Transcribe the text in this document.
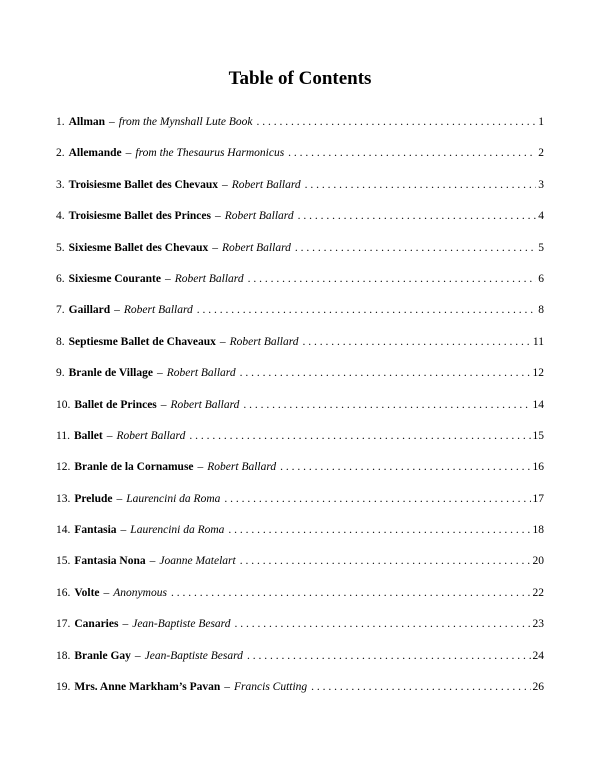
Table of Contents
1. Allman – from the Mynshall Lute Book . . .	1
2. Allemande – from the Thesaurus Harmonicus . . .	2
3. Troisiesme Ballet des Chevaux – Robert Ballard . . .	3
4. Troisiesme Ballet des Princes – Robert Ballard . . .	4
5. Sixiesme Ballet des Chevaux – Robert Ballard . . .	5
6. Sixiesme Courante – Robert Ballard . . .	6
7. Gaillard – Robert Ballard . . .	8
8. Septiesme Ballet de Chaveaux – Robert Ballard . . .	11
9. Branle de Village – Robert Ballard . . .	12
10. Ballet de Princes – Robert Ballard . . .	14
11. Ballet – Robert Ballard . . .	15
12. Branle de la Cornamuse – Robert Ballard . . .	16
13. Prelude – Laurencini da Roma . . .	17
14. Fantasia – Laurencini da Roma . . .	18
15. Fantasia Nona – Joanne Matelart . . .	20
16. Volte – Anonymous . . .	22
17. Canaries – Jean-Baptiste Besard . . .	23
18. Branle Gay – Jean-Baptiste Besard . . .	24
19. Mrs. Anne Markham’s Pavan – Francis Cutting . . .	26
